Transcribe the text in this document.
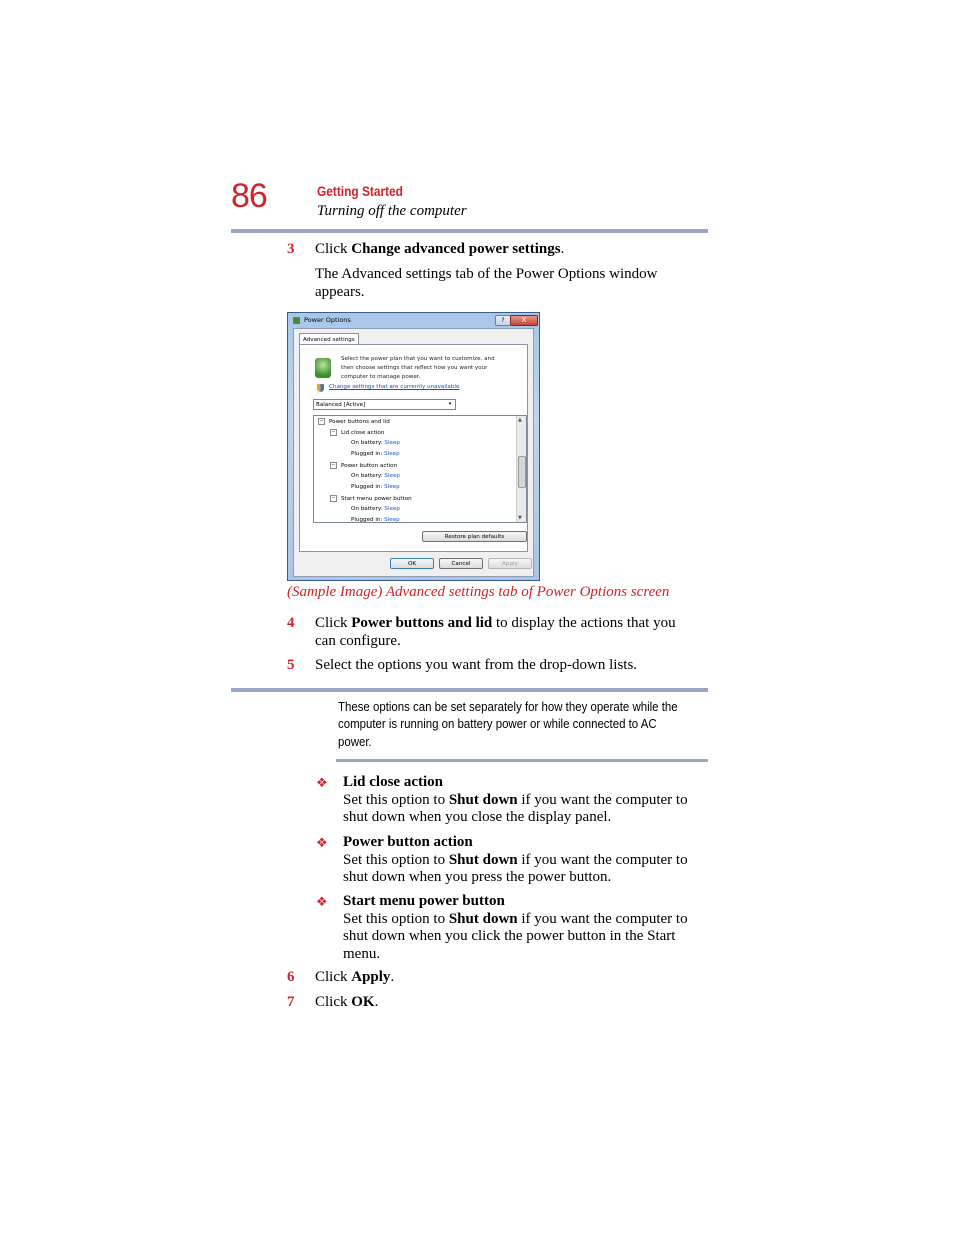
86	Getting Started
Turning off the computer
3 Click Change advanced power settings.
The Advanced settings tab of the Power Options window
appears.
Power Options	?	X
Advanced settings
Select the power plan that you want to customize, and
then choose settings that reflect how you want your
computer to manage power.
Change settings that are currently unavailable
Balanced [Active]	▾
− Power buttons and lid
− Lid close action
On battery: Sleep
Plugged in: Sleep
− Power button action
On battery: Sleep
Plugged in: Sleep
− Start menu power button
On battery: Sleep
Plugged in: Sleep
▲
▼
Restore plan defaults
OK	Cancel	Apply
(Sample Image) Advanced settings tab of Power Options screen
4 Click Power buttons and lid to display the actions that you
can configure.
5 Select the options you want from the drop-down lists.
These options can be set separately for how they operate while the
computer is running on battery power or while connected to AC
power.
❖ Lid close action
Set this option to Shut down if you want the computer to
shut down when you close the display panel.
❖ Power button action
Set this option to Shut down if you want the computer to
shut down when you press the power button.
❖ Start menu power button
Set this option to Shut down if you want the computer to
shut down when you click the power button in the Start
menu.
6 Click Apply.
7 Click OK.
